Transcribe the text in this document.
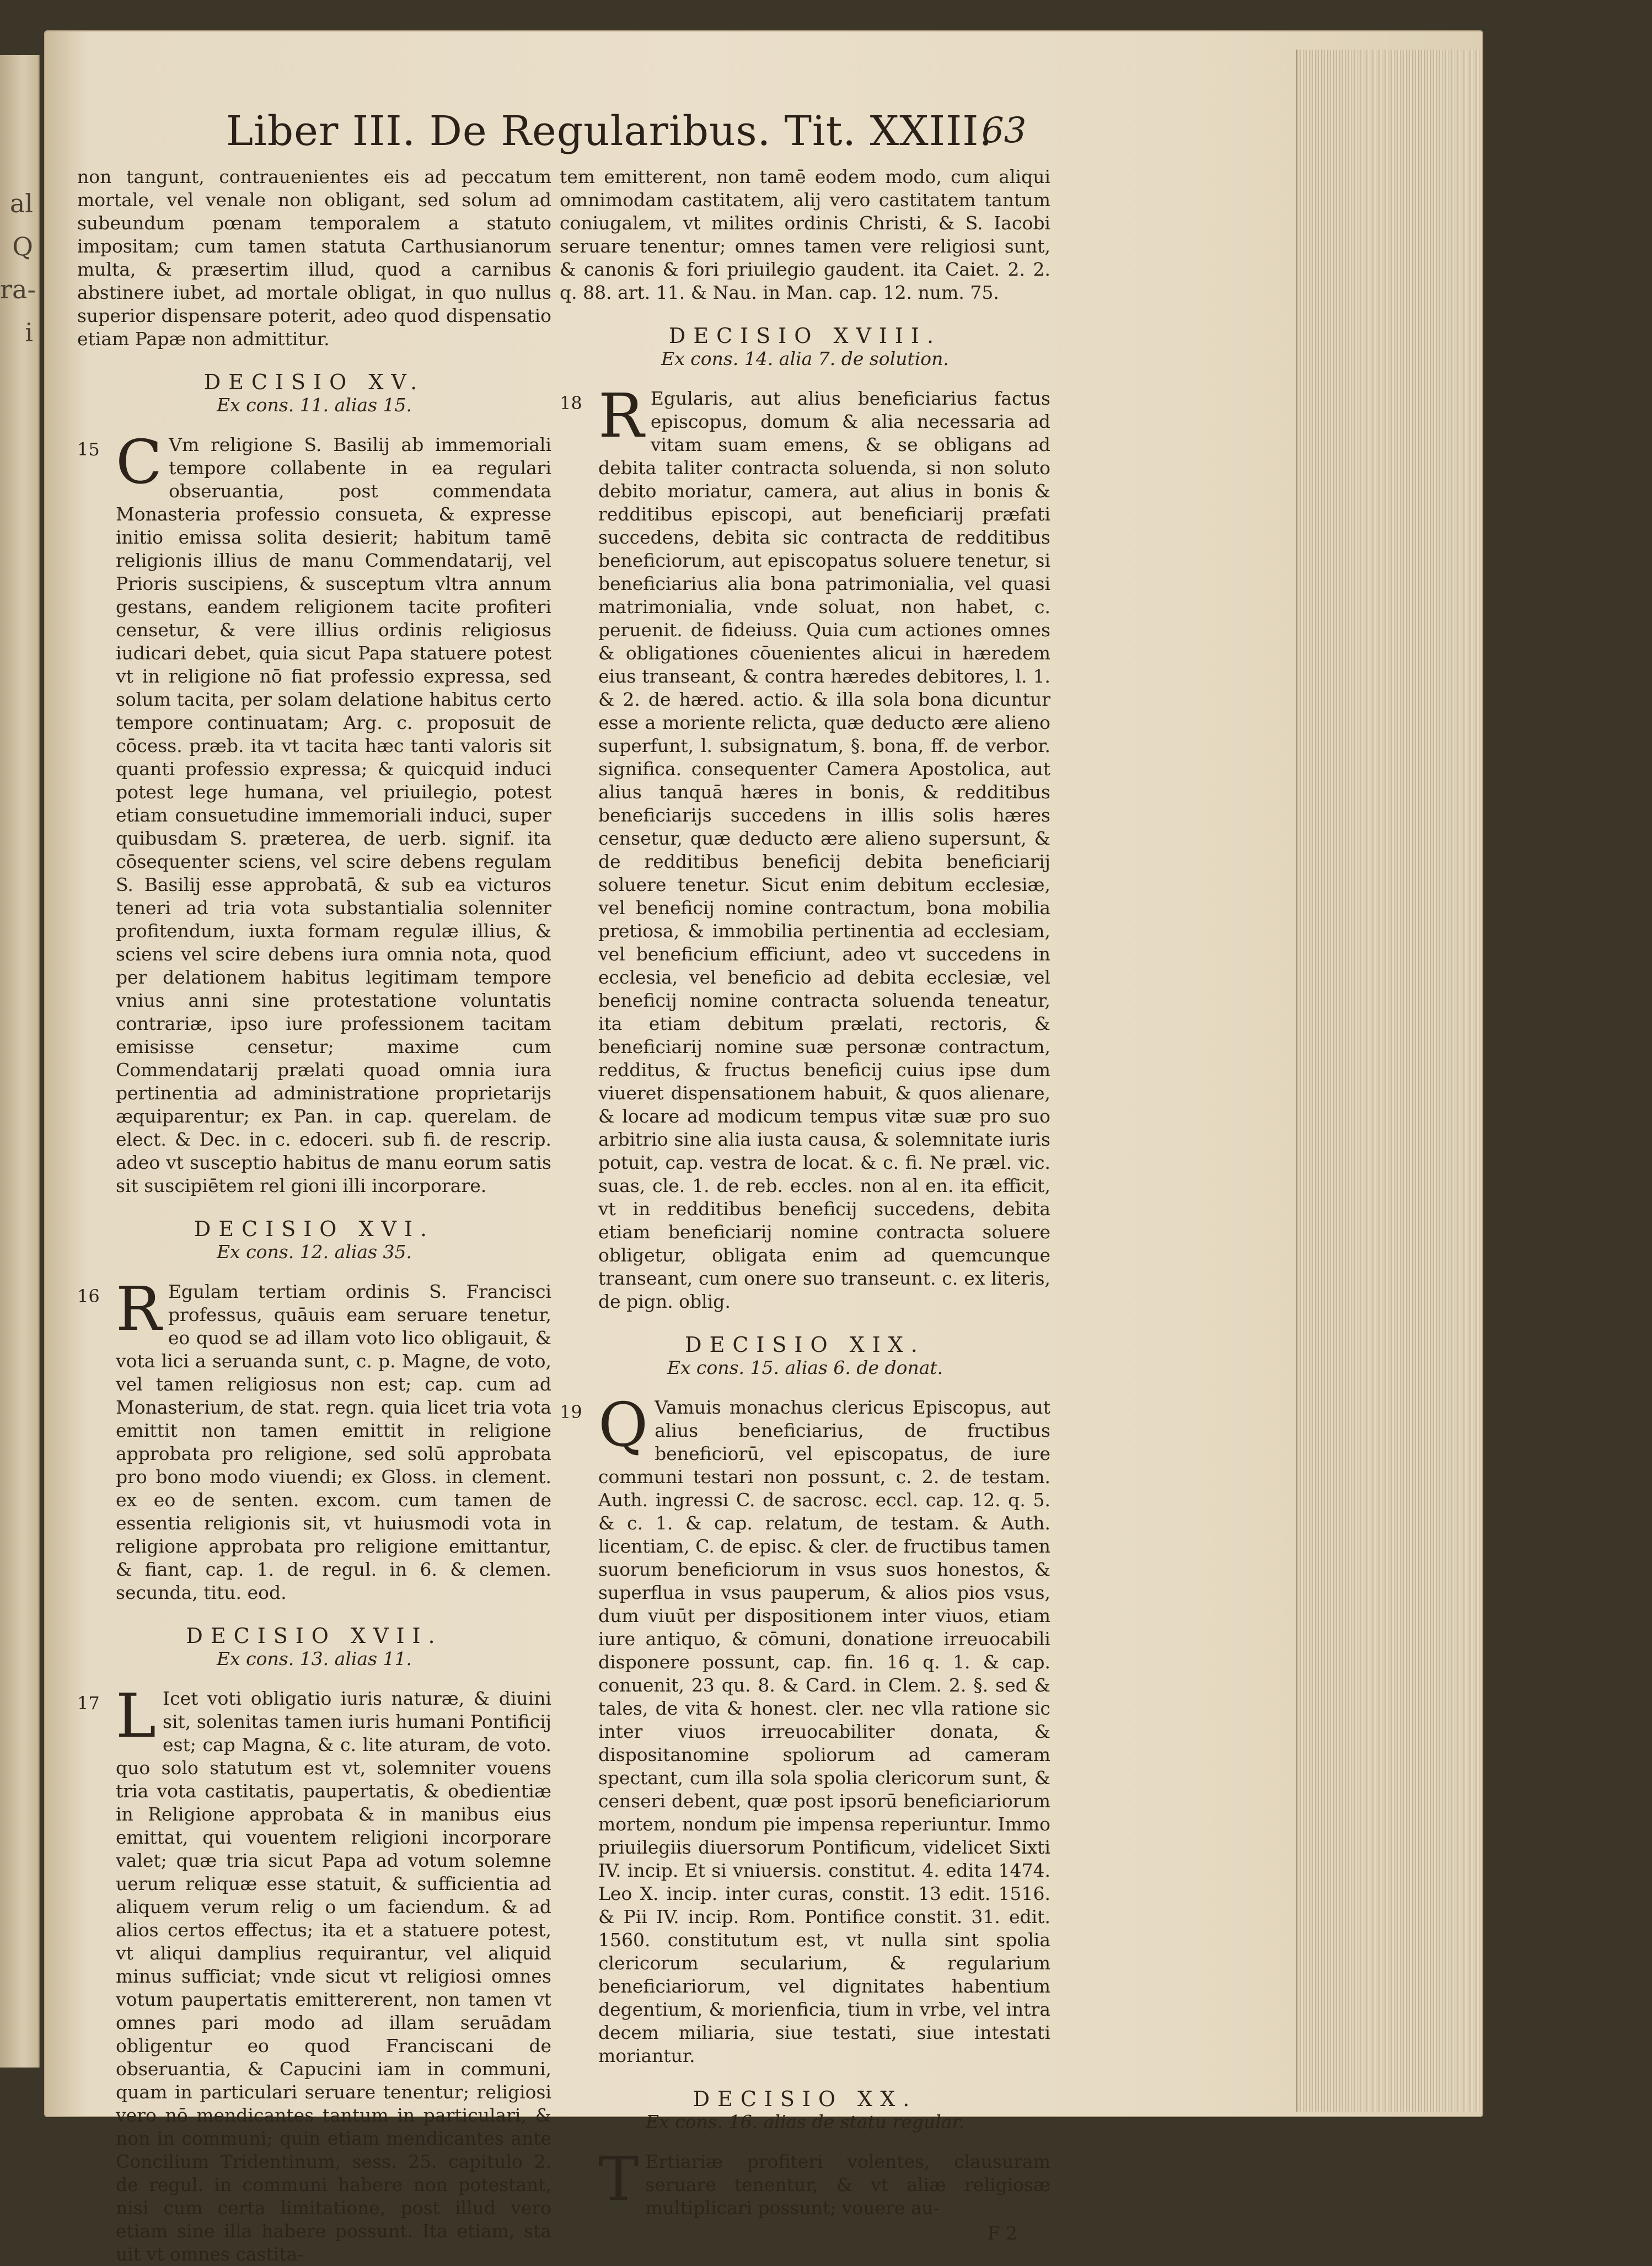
al
Q
ra-
i
Liber III. De Regularibus. Tit. XXIII.
63

non tangunt, contrauenientes eis ad peccatum mortale, vel venale non obligant, sed solum ad subeundum pœnam temporalem a statuto impositam; cum tamen statuta Carthusianorum multa, & præsertim illud, quod a carnibus abstinere iubet, ad mortale obligat, in quo nullus superior dispensare poterit, adeo quod dispensatio etiam Papæ non admittitur.

DECISIO XV.
Ex cons. 11. alias 15.
15 C Vm religione S. Basilij ab immemoriali tempore collabente in ea regulari obseruantia, post commendata Monasteria professio consueta, & expresse initio emissa solita desierit; habitum tamē religionis illius de manu Commendatarij, vel Prioris suscipiens, & susceptum vltra annum gestans, eandem religionem tacite profiteri censetur, & vere illius ordinis religiosus iudicari debet, quia sicut Papa statuere potest vt in religione nō fiat professio expressa, sed solum tacita, per solam delatione habitus certo tempore continuatam; Arg. c. proposuit de cōcess. præb. ita vt tacita hæc tanti valoris sit quanti professio expressa; & quicquid induci potest lege humana, vel priuilegio, potest etiam consuetudine immemoriali induci, super quibusdam S. præterea, de uerb. signif. ita cōsequenter sciens, vel scire debens regulam S. Basilij esse approbatā, & sub ea victuros teneri ad tria vota substantialia solenniter profitendum, iuxta formam regulæ illius, & sciens vel scire debens iura omnia nota, quod per delationem habitus legitimam tempore vnius anni sine protestatione voluntatis contrariæ, ipso iure professionem tacitam emisisse censetur; maxime cum Commendatarij prælati quoad omnia iura pertinentia ad administratione proprietarijs æquiparentur; ex Pan. in cap. querelam. de elect. & Dec. in c. edoceri. sub fi. de rescrip. adeo vt susceptio habitus de manu eorum satis sit suscipiētem rel gioni illi incorporare.
DECISIO XVI.
Ex cons. 12. alias 35.
16 R Egulam tertiam ordinis S. Francisci professus, quāuis eam seruare tenetur, eo quod se ad illam voto lico obligauit, & vota lici a seruanda sunt, c. p. Magne, de voto, vel tamen religiosus non est; cap. cum ad Monasterium, de stat. regn. quia licet tria vota emittit non tamen emittit in religione approbata pro religione, sed solū approbata pro bono modo viuendi; ex Gloss. in clement. ex eo de senten. excom. cum tamen de essentia religionis sit, vt huiusmodi vota in religione approbata pro religione emittantur, & fiant, cap. 1. de regul. in 6. & clemen. secunda, titu. eod.
DECISIO XVII.
Ex cons. 13. alias 11.
17 L Icet voti obligatio iuris naturæ, & diuini sit, solenitas tamen iuris humani Pontificij est; cap Magna, & c. lite aturam, de voto. quo solo statutum est vt, solemniter vouens tria vota castitatis, paupertatis, & obedientiæ in Religione approbata & in manibus eius emittat, qui vouentem religioni incorporare valet; quæ tria sicut Papa ad votum solemne uerum reliquæ esse statuit, & sufficientia ad aliquem verum relig o um faciendum. & ad alios certos effectus; ita et a statuere potest, vt aliqui damplius requirantur, vel aliquid minus sufficiat; vnde sicut vt religiosi omnes votum paupertatis emittererent, non tamen vt omnes pari modo ad illam seruādam obligentur eo quod Franciscani de obseruantia, & Capucini iam in communi, quam in particulari seruare tenentur; religiosi vero nō mendicantes tantum in particulari, & non in communi; quin etiam mendicantes ante Concilium Tridentinum, sess. 25. capitulo 2. de regul. in communi habere non potestant, nisi cum certa limitatione, post illud vero etiam sine illa habere possunt. Ita etiam, sta uit vt omnes castita-

tem emitterent, non tamē eodem modo, cum aliqui omnimodam castitatem, alij vero castitatem tantum coniugalem, vt milites ordinis Christi, & S. Iacobi seruare tenentur; omnes tamen vere religiosi sunt, & canonis & fori priuilegio gaudent. ita Caiet. 2. 2. q. 88. art. 11. & Nau. in Man. cap. 12. num. 75.

DECISIO XVIII.
Ex cons. 14. alia 7. de solution.
18 R Egularis, aut alius beneficiarius factus episcopus, domum & alia necessaria ad vitam suam emens, & se obligans ad debita taliter contracta soluenda, si non soluto debito moriatur, camera, aut alius in bonis & redditibus episcopi, aut beneficiarij præfati succedens, debita sic contracta de redditibus beneficiorum, aut episcopatus soluere tenetur, si beneficiarius alia bona patrimonialia, vel quasi matrimonialia, vnde soluat, non habet, c. peruenit. de fideiuss. Quia cum actiones omnes & obligationes cōuenientes alicui in hæredem eius transeant, & contra hæredes debitores, l. 1. & 2. de hæred. actio. & illa sola bona dicuntur esse a moriente relicta, quæ deducto ære alieno superfunt, l. subsignatum, §. bona, ff. de verbor. significa. consequenter Camera Apostolica, aut alius tanquā hæres in bonis, & redditibus beneficiarijs succedens in illis solis hæres censetur, quæ deducto ære alieno supersunt, & de redditibus beneficij debita beneficiarij soluere tenetur. Sicut enim debitum ecclesiæ, vel beneficij nomine contractum, bona mobilia pretiosa, & immobilia pertinentia ad ecclesiam, vel beneficium efficiunt, adeo vt succedens in ecclesia, vel beneficio ad debita ecclesiæ, vel beneficij nomine contracta soluenda teneatur, ita etiam debitum prælati, rectoris, & beneficiarij nomine suæ personæ contractum, redditus, & fructus beneficij cuius ipse dum viueret dispensationem habuit, & quos alienare, & locare ad modicum tempus vitæ suæ pro suo arbitrio sine alia iusta causa, & solemnitate iuris potuit, cap. vestra de locat. & c. fi. Ne præl. vic. suas, cle. 1. de reb. eccles. non al en. ita efficit, vt in redditibus beneficij succedens, debita etiam beneficiarij nomine contracta soluere obligetur, obligata enim ad quemcunque transeant, cum onere suo transeunt. c. ex literis, de pign. oblig.
DECISIO XIX.
Ex cons. 15. alias 6. de donat.
19 Q Vamuis monachus clericus Episcopus, aut alius beneficiarius, de fructibus beneficiorū, vel episcopatus, de iure communi testari non possunt, c. 2. de testam. Auth. ingressi C. de sacrosc. eccl. cap. 12. q. 5. & c. 1. & cap. relatum, de testam. & Auth. licentiam, C. de episc. & cler. de fructibus tamen suorum beneficiorum in vsus suos honestos, & superflua in vsus pauperum, & alios pios vsus, dum viuūt per dispositionem inter viuos, etiam iure antiquo, & cōmuni, donatione irreuocabili disponere possunt, cap. fin. 16 q. 1. & cap. conuenit, 23 qu. 8. & Card. in Clem. 2. §. sed & tales, de vita & honest. cler. nec vlla ratione sic inter viuos irreuocabiliter donata, & dispositanomine spoliorum ad cameram spectant, cum illa sola spolia clericorum sunt, & censeri debent, quæ post ipsorū beneficiariorum mortem, nondum pie impensa reperiuntur. Immo priuilegiis diuersorum Pontificum, videlicet Sixti IV. incip. Et si vniuersis. constitut. 4. edita 1474. Leo X. incip. inter curas, constit. 13 edit. 1516. & Pii IV. incip. Rom. Pontifice constit. 31. edit. 1560. constitutum est, vt nulla sint spolia clericorum secularium, & regularium beneficiariorum, vel dignitates habentium degentium, & morienficia, tium in vrbe, vel intra decem miliaria, siue testati, siue intestati moriantur.
DECISIO XX.
Ex cons. 16. alias de statu regular.
T Ertiariæ profiteri volentes, clausuram seruare tenentur, & vt aliæ religiosæ multiplicari possunt; vouere au-
F 2
